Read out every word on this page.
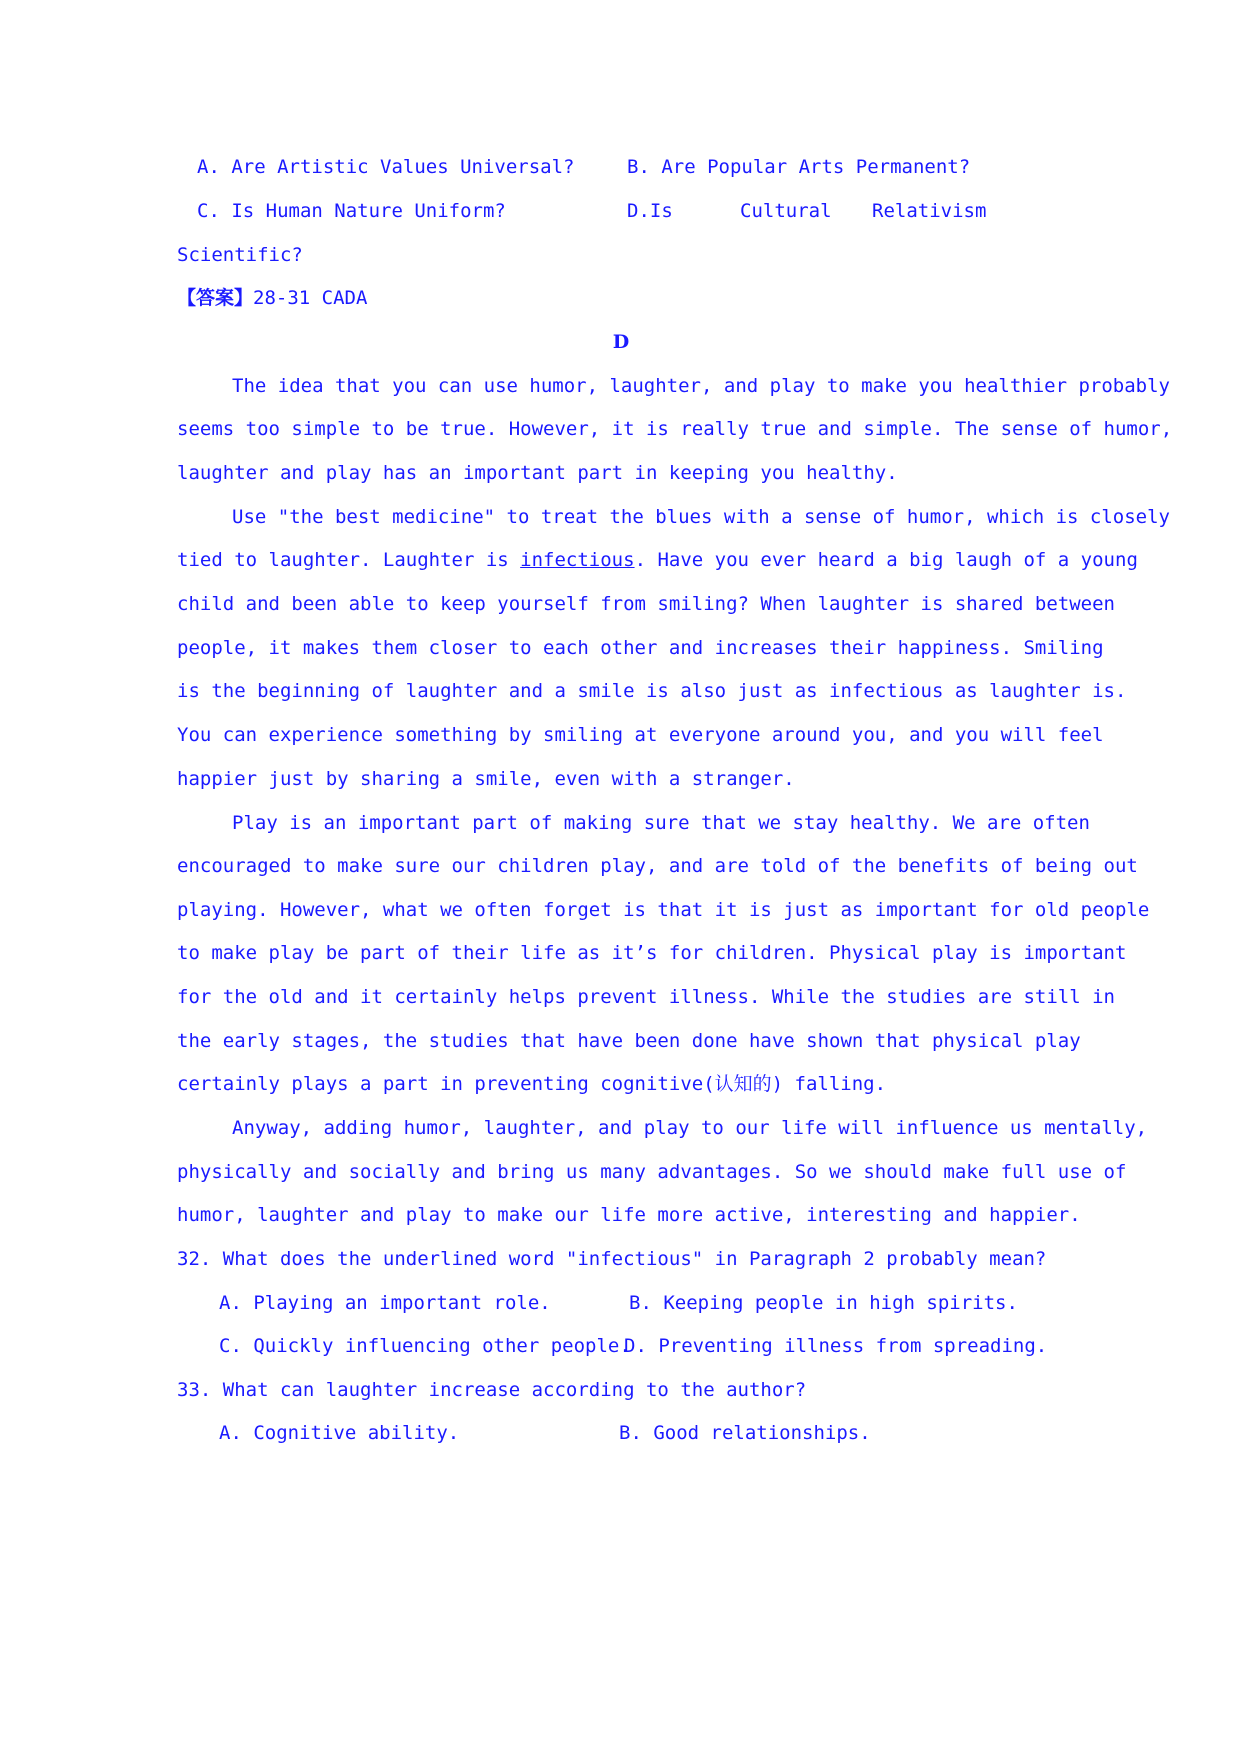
A. Are Artistic Values Universal?	B. Are Popular Arts Permanent?
C. Is Human Nature Uniform?	D.Is	Cultural Relativism
Scientific?
【答案】28-31 CADA
D
The idea that you can use humor, laughter, and play to make you healthier probably
seems too simple to be true. However, it is really true and simple. The sense of humor,
laughter and play has an important part in keeping you healthy.
Use "the best medicine" to treat the blues with a sense of humor, which is closely
tied to laughter. Laughter is infectious. Have you ever heard a big laugh of a young
child and been able to keep yourself from smiling? When laughter is shared between
people, it makes them closer to each other and increases their happiness. Smiling
is the beginning of laughter and a smile is also just as infectious as laughter is.
You can experience something by smiling at everyone around you, and you will feel
happier just by sharing a smile, even with a stranger.
Play is an important part of making sure that we stay healthy. We are often
encouraged to make sure our children play, and are told of the benefits of being out
playing. However, what we often forget is that it is just as important for old people
to make play be part of their life as it’s for children. Physical play is important
for the old and it certainly helps prevent illness. While the studies are still in
the early stages, the studies that have been done have shown that physical play
certainly plays a part in preventing cognitive(认知的) falling.
Anyway, adding humor, laughter, and play to our life will influence us mentally,
physically and socially and bring us many advantages. So we should make full use of
humor, laughter and play to make our life more active, interesting and happier.
32. What does the underlined word "infectious" in Paragraph 2 probably mean?
A. Playing an important role.	B. Keeping people in high spirits.
C. Quickly influencing other people.
D. Preventing illness from spreading.
33. What can laughter increase according to the author?
A. Cognitive ability.	B. Good relationships.
